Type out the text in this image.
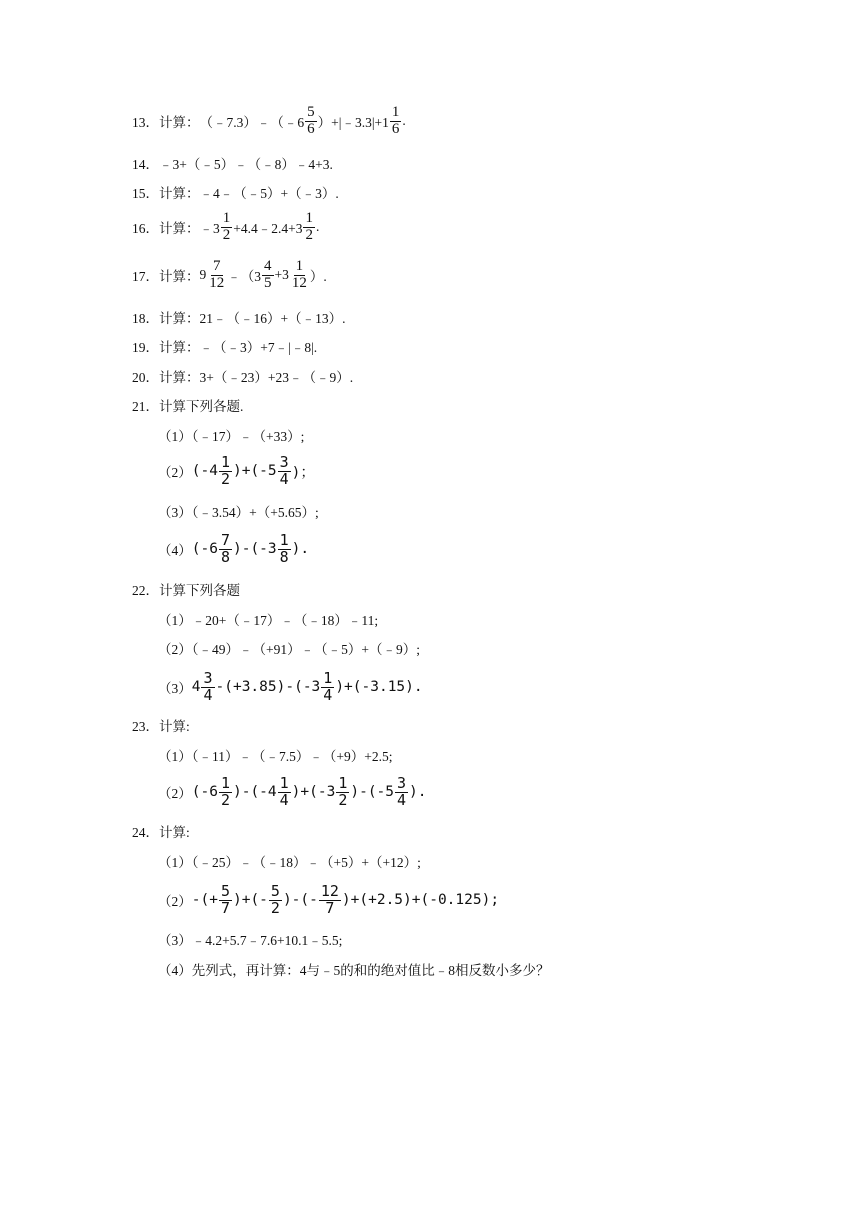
13． 计算： （﹣7.3）﹣（﹣6 $\frac{5}{6}$ ）+|﹣3.3|+1 $\frac{1}{6}$ .
14． ﹣3+（﹣5）﹣（﹣8）﹣4+3.
15． 计算：﹣4﹣（﹣5）+（﹣3）.
16． 计算： ﹣3 $\frac{1}{2}$ +4.4﹣2.4+3 $\frac{1}{2}$ .
17． 计算： $9 \frac{7}{12}$ ﹣（3 $\frac{4}{5} +3 \frac{1}{12}$ ）.
18． 计算：21﹣（﹣16）+（﹣13）.
19． 计算：﹣（﹣3）+7﹣|﹣8|.
20． 计算：3+（﹣23）+23﹣（﹣9）.
21． 计算下列各题.
（1）（﹣17）﹣（+33）;
（2） $(-4 \frac{1}{2} )+(-5 \frac{3}{4}$ )；
（3）（﹣3.54）+（+5.65）;
（4） $(-6 \frac{7}{8} )-(-3 \frac{1}{8}$ ).
22． 计算下列各题
（1）﹣20+（﹣17）﹣（﹣18）﹣11;
（2）（﹣49）﹣（+91）﹣（﹣5）+（﹣9）;
（3） $4 \frac{3}{4} -(+3.85)-(-3 \frac{1}{4} )+(-3.15)$.
23． 计算:
（1）（﹣11）﹣（﹣7.5）﹣（+9）+2.5;
（2） $(-6 \frac{1}{2} )-(-4 \frac{1}{4} )+(-3 \frac{1}{2} )-(-5 \frac{3}{4}$ ).
24． 计算:
（1）（﹣25）﹣（﹣18）﹣（+5）+（+12）;
（2） -(+ $\frac{5}{7}$ )+(- $\frac{5}{2}$ )-(- $\frac{12}{7} )+(+2.5)+(-0.125)$;
（3）﹣4.2+5.7﹣7.6+10.1﹣5.5;
（4）先列式，再计算：4与﹣5的和的绝对值比﹣8相反数小多少？
